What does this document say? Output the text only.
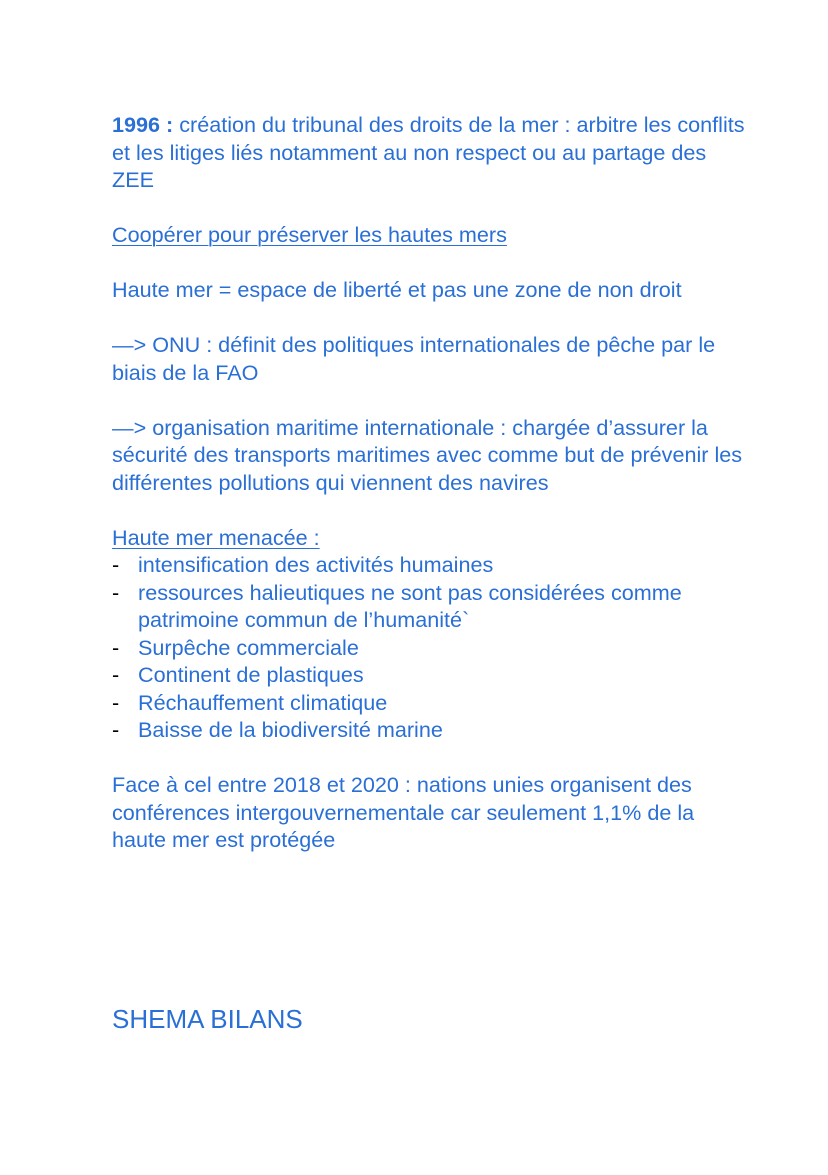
1996 : création du tribunal des droits de la mer : arbitre les conflits et les litiges liés notamment au non respect ou au partage des ZEE

Coopérer pour préserver les hautes mers

Haute mer = espace de liberté et pas une zone de non droit

—> ONU : définit des politiques internationales de pêche par le biais de la FAO

—> organisation maritime internationale : chargée d’assurer la sécurité des transports maritimes avec comme but de prévenir les différentes pollutions qui viennent des navires

Haute mer menacée :

- intensification des activités humaines
- ressources halieutiques ne sont pas considérées comme patrimoine commun de l’humanité`
- Surpêche commerciale
- Continent de plastiques
- Réchauffement climatique
- Baisse de la biodiversité marine

Face à cel entre 2018 et 2020 : nations unies organisent des conférences intergouvernementale car seulement 1,1% de la haute mer est protégée

SHEMA BILANS
